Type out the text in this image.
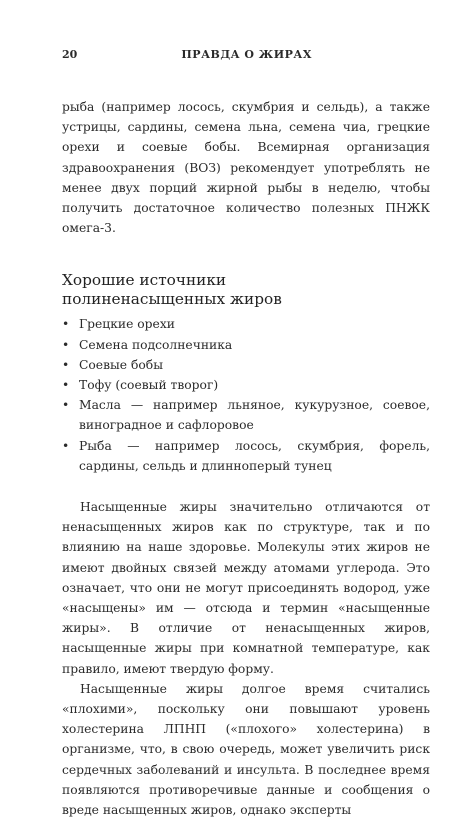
20	ПРАВДА О ЖИРАХ

рыба (например лосось, скумбрия и сельдь), а также устрицы, сардины, семена льна, семена чиа, грецкие орехи и соевые бобы. Всемирная организация здравоохранения (ВОЗ) рекомендует употреблять не менее двух порций жирной рыбы в неделю, чтобы получить достаточное количество полезных ПНЖК омега-3.

Хорошие источники
полиненасыщенных жиров
• Грецкие орехи
• Семена подсолнечника
• Соевые бобы
• Тофу (соевый творог)
• Масла — например льняное, кукурузное, соевое, виноградное и сафлоровое
• Рыба — например лосось, скумбрия, форель, сардины, сельдь и длинноперый тунец

Насыщенные жиры значительно отличаются от ненасыщенных жиров как по структуре, так и по влиянию на наше здоровье. Молекулы этих жиров не имеют двойных связей между атомами углерода. Это означает, что они не могут присоединять водород, уже «насыщены» им — отсюда и термин «насыщенные жиры». В отличие от ненасыщенных жиров, насыщенные жиры при комнатной температуре, как правило, имеют твердую форму.

Насыщенные жиры долгое время считались «плохими», поскольку они повышают уровень холестерина ЛПНП («плохого» холестерина) в организме, что, в свою очередь, может увеличить риск сердечных заболеваний и инсульта. В последнее время появляются противоречивые данные и сообщения о вреде насыщенных жиров, однако эксперты
